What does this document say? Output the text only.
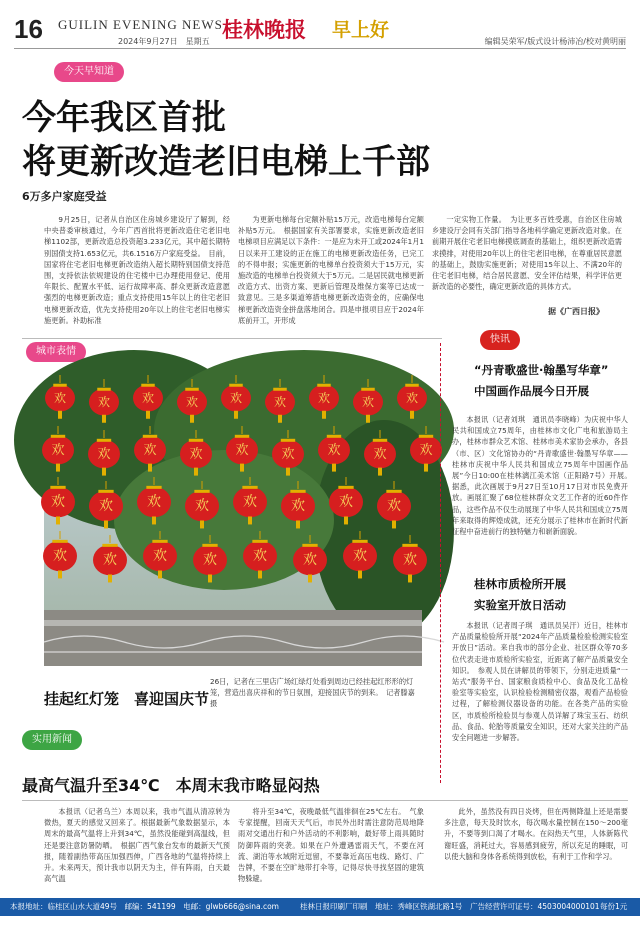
16 GUILIN EVENING NEWS 桂林晚报 早上好
2024年9月27日　星期五	编辑吴荣军/版式设计杨沛冶/校对黄明丽
今天早知道
今年我区首批
将更新改造老旧电梯上千部
6万多户家庭受益

9月25日，记者从自治区住房城乡建设厅了解到，经中央普委审核通过，今年广西首批将更新改造住宅老旧电梯1102部，更新改造总投资超3.233亿元，其中超长期特别国债支持1.653亿元，共6.1516万户家庭受益。　目前，国家将住宅老旧电梯更新改造纳入超长期特别国债支持范围，支持依法依规建设的住宅楼中已办理使用登记、使用年限长、配置水平低、运行故障率高、群众更新改造意愿强烈的电梯更新改造；重点支持使用15年以上的住宅老旧电梯更新改造，优先支持使用20年以上的住宅老旧电梯实施更新。补助标准

为更新电梯每台定额补贴15万元，改造电梯每台定额补贴5万元。　根据国家有关部署要求，实施更新改造老旧电梯项目应满足以下条件：一是应为未开工或2024年1月1日以来开工建设的正在施工的电梯更新改造任务，已完工的不得申报；实施更新的电梯单台投资须大于15万元，实施改造的电梯单台投资须大于5万元。二是居民就电梯更新改造方式、出资方案、更新后管理及维保方案等已达成一致意见。三是多渠道筹措电梯更新改造资金的，应确保电梯更新改造资金拼盘落地闭合。四是申报项目应于2024年底前开工，开形成

一定实物工作量。　为让更多百姓受惠，自治区住房城乡建设厅会同有关部门指导各地科学确定更新改造对象。在前期开展住宅老旧电梯摸底调查的基础上，组织更新改造需求摸排，对使用20年以上的住宅老旧电梯，在尊重居民意愿的基础上，鼓励实施更新；对使用15年以上、不满20年的住宅老旧电梯，结合居民意愿、安全评估结果，科学评估更新改造的必要性，确定更新改造的具体方式。

据《广西日报》
城市表情
欢	欢	欢	欢	欢	欢	欢	欢	欢
欢	欢	欢	欢	欢	欢	欢	欢	欢
欢 欢 欢 欢 欢 欢 欢 欢
欢	欢	欢	欢	欢	欢	欢	欢
26日，记者在三里店广场红绿灯处看到周边已经挂起红形形的灯笼，营造出喜庆祥和的节日氛围，迎接国庆节的到来。　记者滕嘉　摄
挂起红灯笼　喜迎国庆节
快讯
“丹青歌盛世·翰墨写华章”
中国画作品展今日开展

本报讯（记者刘琪　通讯员李晓峰）为庆祝中华人民共和国成立75周年，由桂林市文化广电和旅游局主办，桂林市群众艺术馆、桂林市美术家协会承办，各县（市、区）文化馆协办的“丹青歌盛世·翰墨写华章——桂林市庆祝中华人民共和国成立75周年中国画作品展”今日10:00在桂林漓江美术馆（正阳路7号）开展。　据悉，此次画展于9月27日至10月17日对市民免费开放。画展汇聚了68位桂林群众文艺工作者的近60件作品，这些作品不仅生动展现了中华人民共和国成立75周年来取得的辉煌成就，还充分展示了桂林市在新时代新征程中奋进前行的独特魅力和崭新面貌。

桂林市质检所开展
实验室开放日活动

本报讯（记者周子琪　通讯员吴汗）近日，桂林市产品质量检验所开展“2024年产品质量检验检测实验室开放日”活动。来自我市的部分企业、社区群众等70多位代表走进市质检所实验室，近距离了解产品质量安全知识。　参观人员在讲解员的带领下，分别走进质量“一站式”服务平台、国家粮食质检中心、食品及化工品检验室等实验室，认识检验检测精密仪器，观看产品检验过程，了解检测仪器设备的功能。在各类产品的实验区，市质检所检验员与参观人员详解了珠宝玉石、纺织品、食品、轮胎等质量安全知识，还对大家关注的产品安全问题进一步解答。

实用新闻
最高气温升至34℃　本周末我市略显闷热

本报讯（记者乌兰）本周以来，我市气温从清凉转为微热，夏天的感觉又回来了。根据最新气象数据显示，本周末的最高气温将上升到34℃，虽然没能碰到高温线，但还是要注意防暑防晒。　根据广西气象台发布的最新天气预报，随着副热带高压加强西伸，广西各地的气温将持续上升。未来两天，预计我市以阴天为主，伴有阵雨，白天最高气温

将升至34℃，夜晚最低气温徘徊在25℃左右。　气象专家提醒，回南天天气后，市民外出时需注意防范局地降雨对交通出行和户外活动的不利影响，最好带上雨具随时防御阵雨的突袭。如果在户外遭遇雷雨天气，不要在河流、湖泊等水域附近逗留，不要靠近高压电线、路灯、广告牌，不要在空旷地带打伞等，记得尽快寻找坚固的建筑物躲避。

此外，虽然没有四日炎烤，但在两侧降温上还是需要多注意，每天及时饮水，每次喝水量控制在150～200毫升，不要等到口渴了才喝水。在闷热天气里，人体新陈代谢旺盛，消耗过大，容易感到疲劳，所以充足的睡眠，可以使大脑和身体各系统得到放松，有利于工作和学习。

本报地址：临桂区山水大道49号　邮编：541199　电邮：glwb666@sina.com	桂林日报印刷厂印刷　地址：秀峰区铁湖北路1号 广告经营许可证号：4503004000101 每份1元
